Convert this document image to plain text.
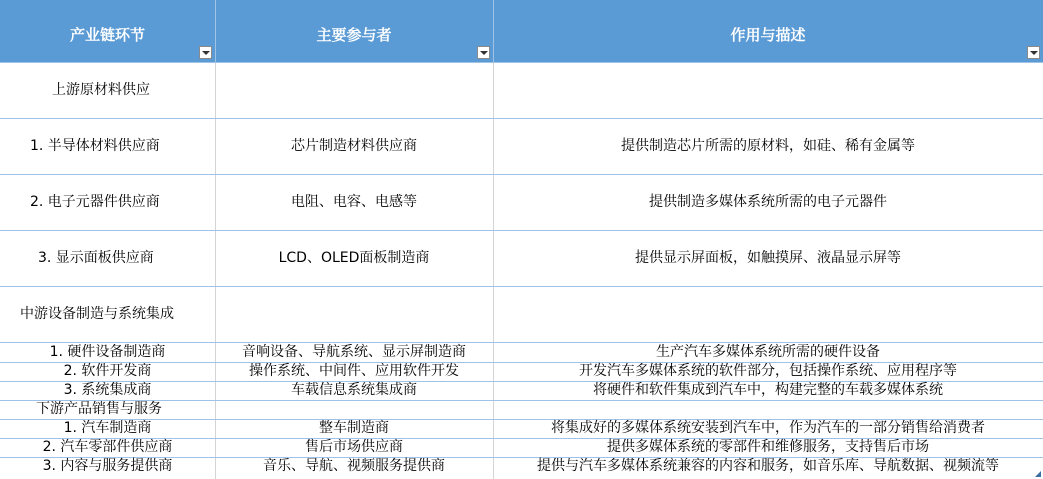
产业链环节	主要参与者	作用与描述
上游原材料供应
1. 半导体材料供应商	芯片制造材料供应商	提供制造芯片所需的原材料，如硅、稀有金属等
2. 电子元器件供应商	电阻、电容、电感等	提供制造多媒体系统所需的电子元器件
3. 显示面板供应商	LCD、OLED面板制造商	提供显示屏面板，如触摸屏、液晶显示屏等
中游设备制造与系统集成
1. 硬件设备制造商	音响设备、导航系统、显示屏制造商	生产汽车多媒体系统所需的硬件设备
2. 软件开发商	操作系统、中间件、应用软件开发	开发汽车多媒体系统的软件部分，包括操作系统、应用程序等
3. 系统集成商	车载信息系统集成商	将硬件和软件集成到汽车中，构建完整的车载多媒体系统
下游产品销售与服务
1. 汽车制造商	整车制造商	将集成好的多媒体系统安装到汽车中，作为汽车的一部分销售给消费者
2. 汽车零部件供应商	售后市场供应商	提供多媒体系统的零部件和维修服务，支持售后市场
3. 内容与服务提供商	音乐、导航、视频服务提供商	提供与汽车多媒体系统兼容的内容和服务，如音乐库、导航数据、视频流等
